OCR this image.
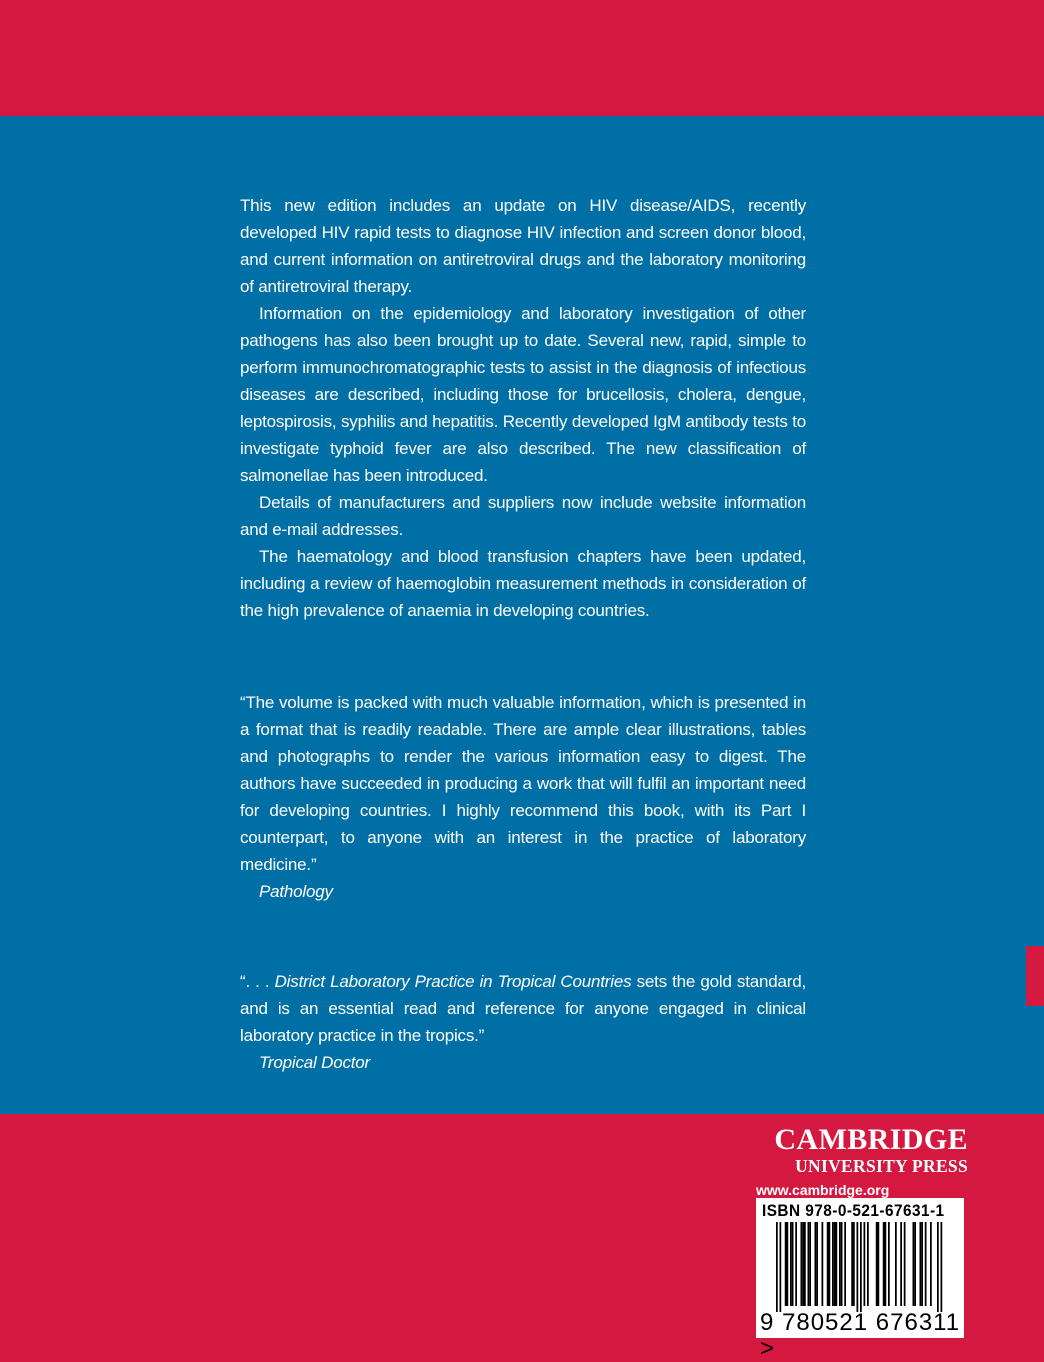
This new edition includes an update on HIV disease/AIDS, recently developed HIV rapid tests to diagnose HIV infection and screen donor blood, and current information on antiretroviral drugs and the laboratory monitoring of antiretroviral therapy.

Information on the epidemiology and laboratory investigation of other pathogens has also been brought up to date. Several new, rapid, simple to perform immunochromatographic tests to assist in the diagnosis of infectious diseases are described, including those for brucellosis, cholera, dengue, leptospirosis, syphilis and hepatitis. Recently developed IgM antibody tests to investigate typhoid fever are also described. The new classification of salmonellae has been introduced.

Details of manufacturers and suppliers now include website information and e-mail addresses.

The haematology and blood transfusion chapters have been updated, including a review of haemoglobin measurement methods in consideration of the high prevalence of anaemia in developing countries.

“The volume is packed with much valuable information, which is presented in a format that is readily readable. There are ample clear illustrations, tables and photographs to render the various information easy to digest. The authors have succeeded in producing a work that will fulfil an important need for developing countries. I highly recommend this book, with its Part I counterpart, to anyone with an interest in the practice of laboratory medicine.”

Pathology

“. . . District Laboratory Practice in Tropical Countries sets the gold standard, and is an essential read and reference for anyone engaged in clinical laboratory practice in the tropics.”

Tropical Doctor

CAMBRIDGE
UNIVERSITY PRESS
www.cambridge.org
ISBN 978-0-521-67631-1
9 780521 676311 >
